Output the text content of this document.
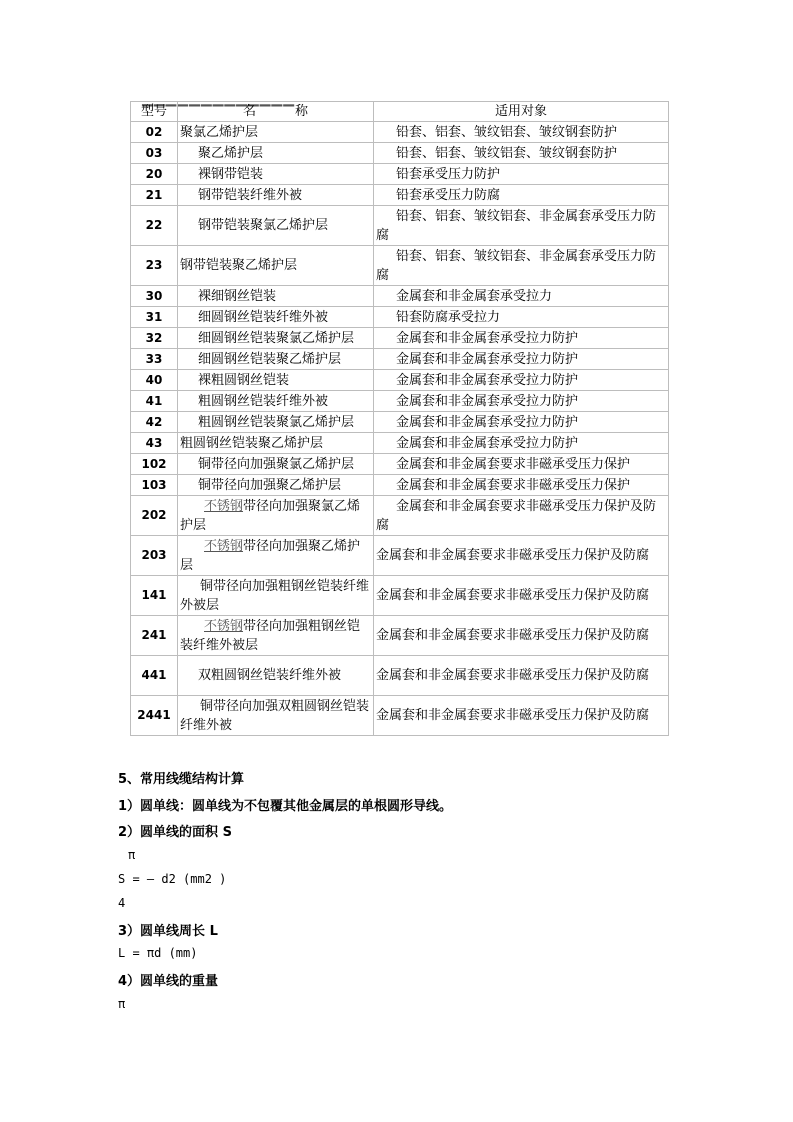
▁▁▁▁▁▁▁▁▁▁▁▁▁
型号	名　　　称	适用对象
02	聚氯乙烯护层	铅套、铝套、皱纹铝套、皱纹钢套防护
03	聚乙烯护层	铅套、铝套、皱纹铝套、皱纹钢套防护
20	裸钢带铠装	铅套承受压力防护
21	钢带铠装纤维外被	铅套承受压力防腐
22	钢带铠装聚氯乙烯护层	铅套、铝套、皱纹铝套、非金属套承受压力防腐
23	钢带铠装聚乙烯护层	铅套、铝套、皱纹铝套、非金属套承受压力防腐
30	裸细钢丝铠装	金属套和非金属套承受拉力
31	细圆钢丝铠装纤维外被	铅套防腐承受拉力
32	细圆钢丝铠装聚氯乙烯护层	金属套和非金属套承受拉力防护
33	细圆钢丝铠装聚乙烯护层	金属套和非金属套承受拉力防护
40	裸粗圆钢丝铠装	金属套和非金属套承受拉力防护
41	粗圆钢丝铠装纤维外被	金属套和非金属套承受拉力防护
42	粗圆钢丝铠装聚氯乙烯护层	金属套和非金属套承受拉力防护
43	粗圆钢丝铠装聚乙烯护层	金属套和非金属套承受拉力防护
102	铜带径向加强聚氯乙烯护层	金属套和非金属套要求非磁承受压力保护
103	铜带径向加强聚乙烯护层	金属套和非金属套要求非磁承受压力保护
202	不锈钢带径向加强聚氯乙烯护层	金属套和非金属套要求非磁承受压力保护及防腐
203	不锈钢带径向加强聚乙烯护层	金属套和非金属套要求非磁承受压力保护及防腐
141	铜带径向加强粗钢丝铠装纤维外被层	金属套和非金属套要求非磁承受压力保护及防腐
241	不锈钢带径向加强粗钢丝铠装纤维外被层	金属套和非金属套要求非磁承受压力保护及防腐
441	双粗圆钢丝铠装纤维外被	金属套和非金属套要求非磁承受压力保护及防腐
2441	铜带径向加强双粗圆钢丝铠装纤维外被	金属套和非金属套要求非磁承受压力保护及防腐
5、常用线缆结构计算
1）圆单线：圆单线为不包覆其他金属层的单根圆形导线。
2）圆单线的面积 S
π
S = — d2 (mm2 )
4
3）圆单线周长 L
L = πd (mm)
4）圆单线的重量
π
